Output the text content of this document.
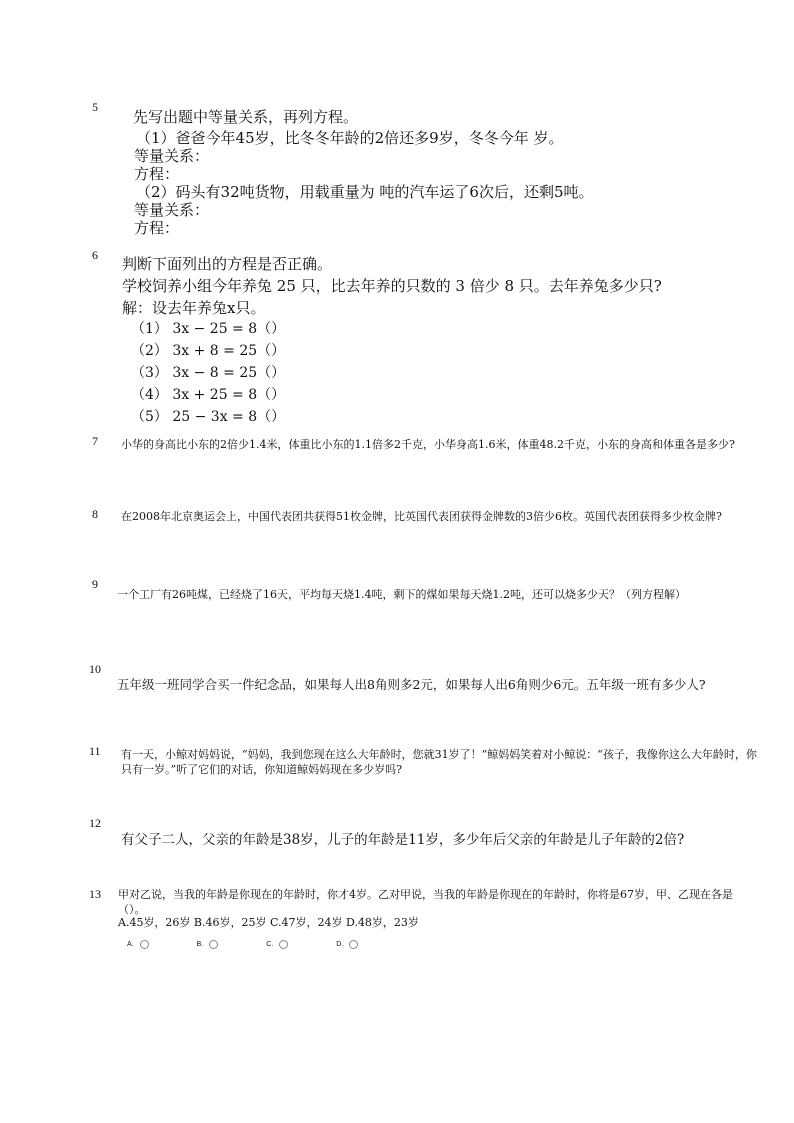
5
先写出题中等量关系，再列方程。
（1）爸爸今年45岁，比冬冬年龄的2倍还多9岁，冬冬今年 岁。
等量关系：
方程：
（2）码头有32吨货物，用载重量为 吨的汽车运了6次后，还剩5吨。
等量关系：
方程：
6 判断下面列出的方程是否正确。
学校饲养小组今年养兔 25 只，比去年养的只数的 3 倍少 8 只。去年养兔多少只?
解：设去年养兔x只。
（1） 3x − 25 = 8（）
（2） 3x + 8 = 25（）
（3） 3x − 8 = 25（）
（4） 3x + 25 = 8（）
（5） 25 − 3x = 8（）
7 小华的身高比小东的2倍少1.4米，体重比小东的1.1倍多2千克，小华身高1.6米，体重48.2千克，小东的身高和体重各是多少?
8 在2008年北京奥运会上，中国代表团共获得51枚金牌，比英国代表团获得金牌数的3倍少6枚。英国代表团获得多少枚金牌?
9
一个工厂有26吨煤，已经烧了16天，平均每天烧1.4吨，剩下的煤如果每天烧1.2吨，还可以烧多少天？（列方程解）
10
五年级一班同学合买一件纪念品，如果每人出8角则多2元，如果每人出6角则少6元。五年级一班有多少人?
11 有一天，小鲸对妈妈说，“妈妈，我到您现在这么大年龄时，您就31岁了！”鲸妈妈笑着对小鲸说：“孩子，我像你这么大年龄时，你只有一岁。”听了它们的对话，你知道鲸妈妈现在多少岁吗?
12
有父子二人，父亲的年龄是38岁，儿子的年龄是11岁，多少年后父亲的年龄是儿子年龄的2倍?
13 甲对乙说，当我的年龄是你现在的年龄时，你才4岁。乙对甲说，当我的年龄是你现在的年龄时，你将是67岁，甲、乙现在各是（）。
A.45岁，26岁 B.46岁，25岁 C.47岁，24岁 D.48岁，23岁
A.	B.	C.	D.
